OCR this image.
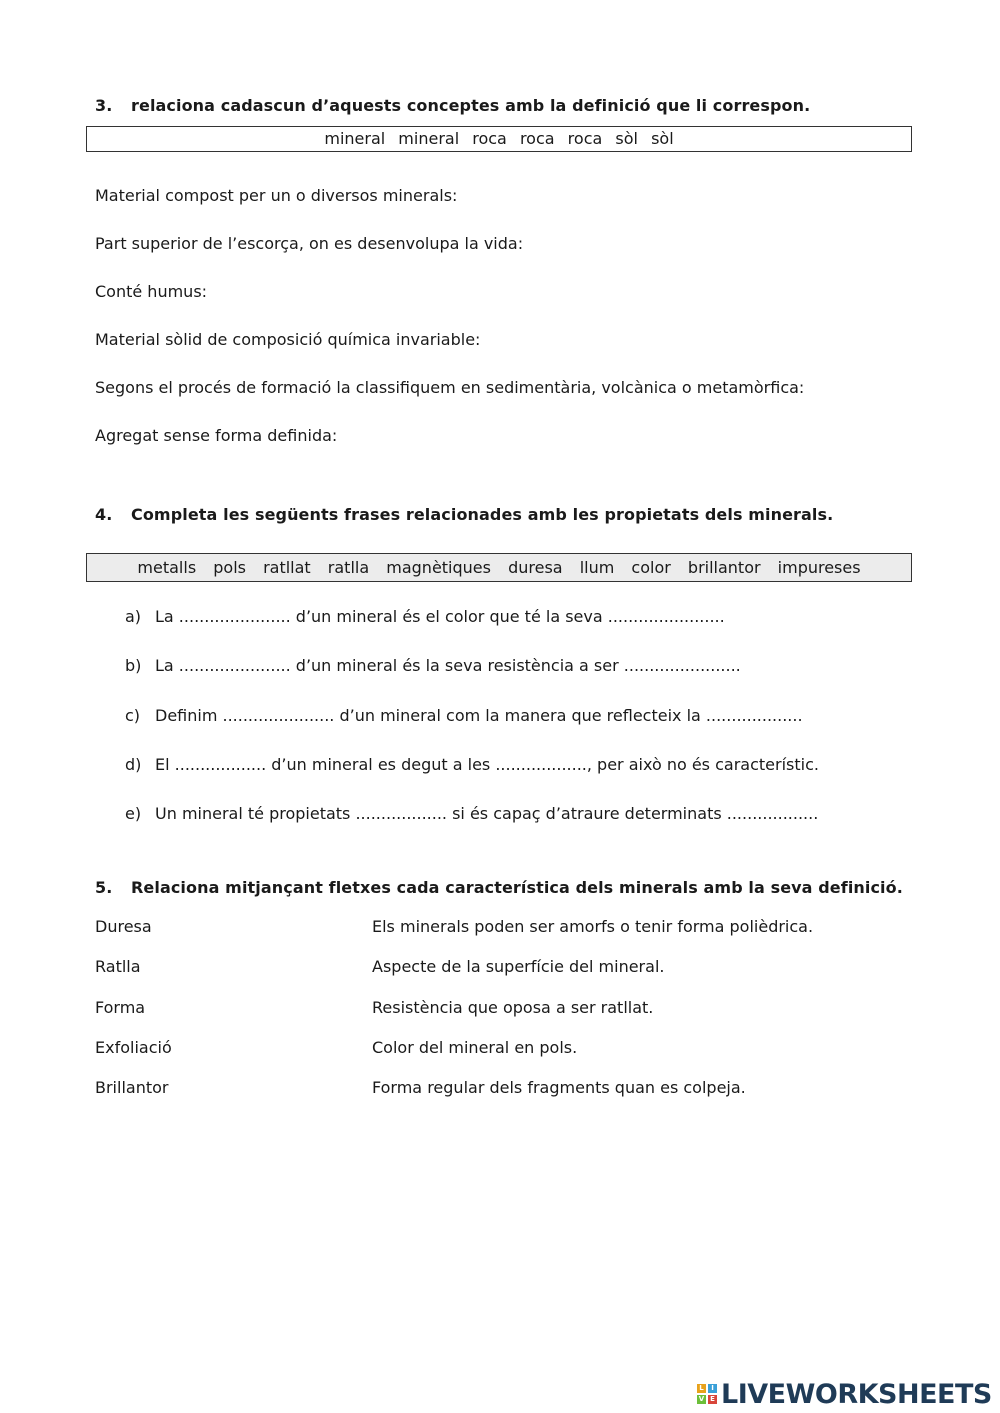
3. relaciona cadascun d’aquests conceptes amb la definició que li correspon.
mineral mineral roca roca roca sòl sòl
Material compost per un o diversos minerals:
Part superior de l’escorça, on es desenvolupa la vida:
Conté humus:
Material sòlid de composició química invariable:
Segons el procés de formació la classifiquem en sedimentària, volcànica o metamòrfica:
Agregat sense forma definida:
4. Completa les següents frases relacionades amb les propietats dels minerals.
metalls pols ratllat ratlla magnètiques duresa llum color brillantor impureses
a) La ...................... d’un mineral és el color que té la seva .......................
b) La ...................... d’un mineral és la seva resistència a ser .......................
c) Definim ...................... d’un mineral com la manera que reflecteix la ...................
d) El .................. d’un mineral es degut a les .................., per això no és característic.
e) Un mineral té propietats .................. si és capaç d’atraure determinats ..................
5. Relaciona mitjançant fletxes cada característica dels minerals amb la seva definició.
Duresa	Els minerals poden ser amorfs o tenir forma polièdrica.
Ratlla	Aspecte de la superfície del mineral.
Forma	Resistència que oposa a ser ratllat.
Exfoliació	Color del mineral en pols.
Brillantor	Forma regular dels fragments quan es colpeja.
L	I
V E LIVEWORKSHEETS
